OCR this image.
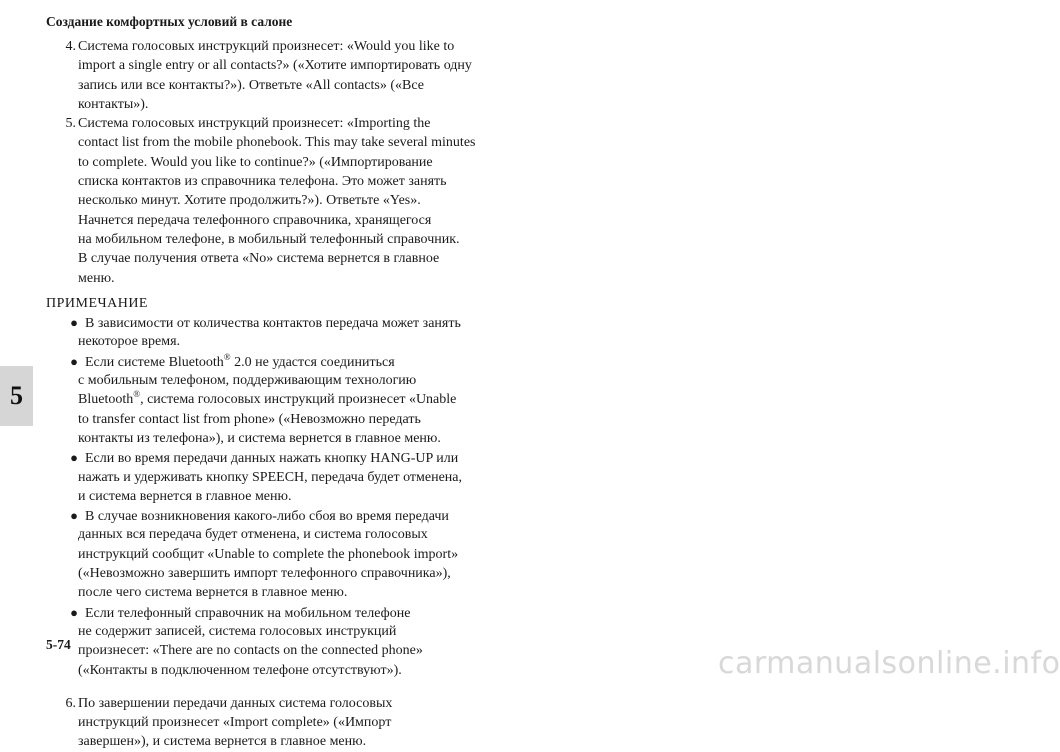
Создание комфортных условий в салоне
5
4. Система голосовых инструкций произнесет: «Would you like to
import a single entry or all contacts?» («Хотите импортировать одну
запись или все контакты?»). Ответьте «All contacts» («Все
контакты»).
5. Система голосовых инструкций произнесет: «Importing the
contact list from the mobile phonebook. This may take several minutes
to complete. Would you like to continue?» («Импортирование
списка контактов из справочника телефона. Это может занять
несколько минут. Хотите продолжить?»). Ответьте «Yes».
Начнется передача телефонного справочника, хранящегося
на мобильном телефоне, в мобильный телефонный справочник.
В случае получения ответа «No» система вернется в главное
меню.
ПРИМЕЧАНИЕ
● В зависимости от количества контактов передача может занять
некоторое время.
● Если системе Bluetooth® 2.0 не удастся соединиться
с мобильным телефоном, поддерживающим технологию
Bluetooth®, система голосовых инструкций произнесет «Unable
to transfer contact list from phone» («Невозможно передать
контакты из телефона»), и система вернется в главное меню.
● Если во время передачи данных нажать кнопку HANG-UP или
нажать и удерживать кнопку SPEECH, передача будет отменена,
и система вернется в главное меню.
● В случае возникновения какого-либо сбоя во время передачи
данных вся передача будет отменена, и система голосовых
инструкций сообщит «Unable to complete the phonebook import»
(«Невозможно завершить импорт телефонного справочника»),
после чего система вернется в главное меню.
● Если телефонный справочник на мобильном телефоне
не содержит записей, система голосовых инструкций
произнесет: «There are no contacts on the connected phone»
(«Контакты в подключенном телефоне отсутствуют»).
6. По завершении передачи данных система голосовых
инструкций произнесет «Import complete» («Импорт
завершен»), и система вернется в главное меню.
5-74
carmanualsonline.info
